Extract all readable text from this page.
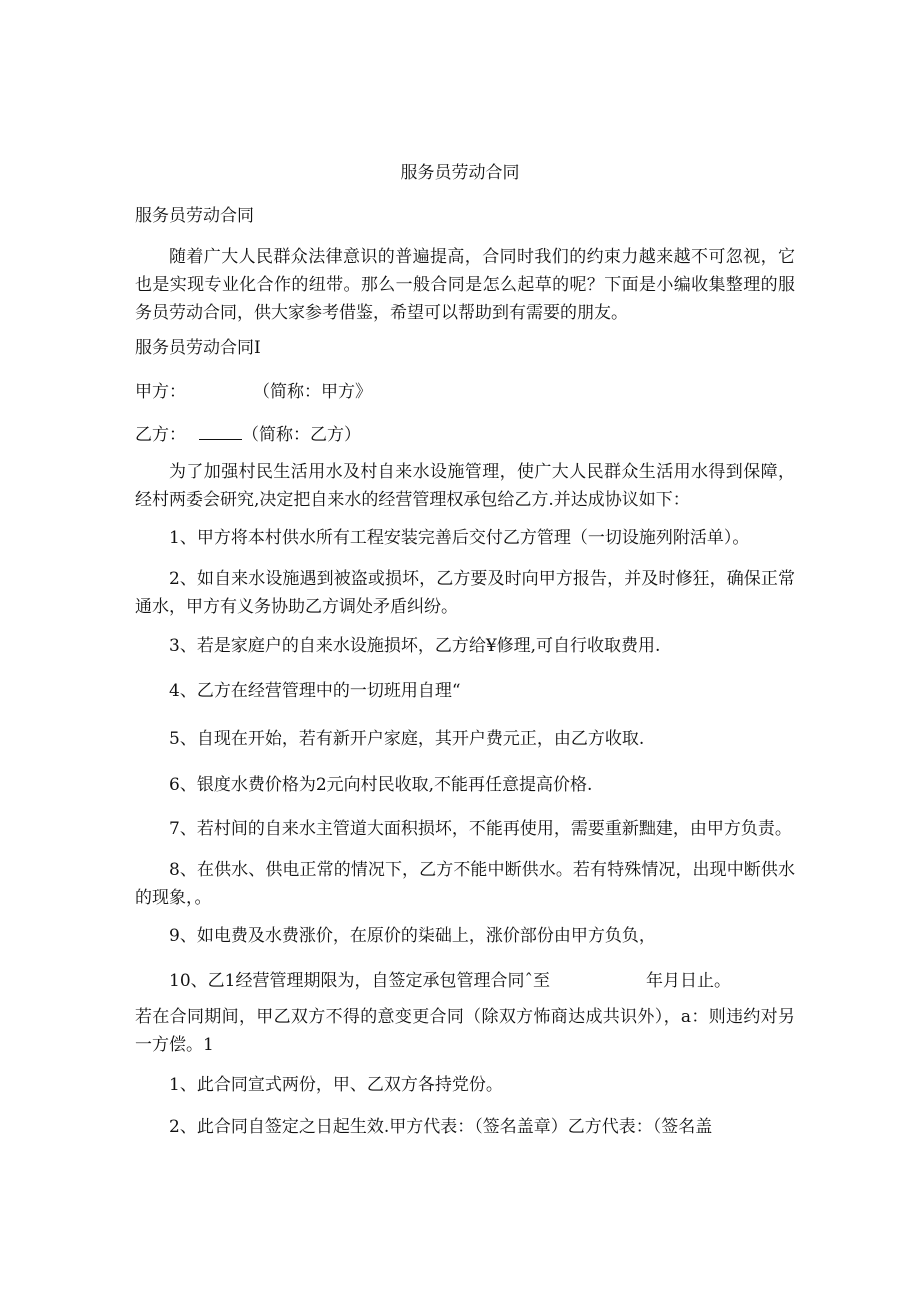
服务员劳动合同
服务员劳动合同
随着广大人民群众法律意识的普遍提高，合同时我们的约束力越来越不可忽视，它也是实现专业化合作的纽带。那么一般合同是怎么起草的呢？下面是小编收集整理的服务员劳动合同，供大家参考借鉴，希望可以帮助到有需要的朋友。
服务员劳动合同I
甲方：	（简称：甲方》
乙方：	（简称：乙方）
为了加强村民生活用水及村自来水设施管理，使广大人民群众生活用水得到保障，经村两委会研究,决定把自来水的经营管理权承包给乙方.并达成协议如下：
1、甲方将本村供水所有工程安装完善后交付乙方管理（一切设施列附活单）。
2、如自来水设施遇到被盗或损坏，乙方要及时向甲方报告，并及时修狂，确保正常通水，甲方有义务协助乙方调处矛盾纠纷。
3、若是家庭户的自来水设施损坏，乙方给¥修理,可自行收取费用.
4、乙方在经营管理中的一切班用自理“
5、自现在开始，若有新开户家庭，其开户费元正，由乙方收取.
6、银度水费价格为2元向村民收取,不能再任意提高价格.
7、若村间的自来水主管道大面积损坏，不能再使用，需要重新黜建，由甲方负责。
8、在供水、供电正常的情况下，乙方不能中断供水。若有特殊情况，出现中断供水的现象，。
9、如电费及水费涨价，在原价的柒础上，涨价部份由甲方负负，
10、乙1经营管理期限为，自签定承包管理合同ˆ至	年月日止。
若在合同期间，甲乙双方不得的意变更合同（除双方怖商达成共识外），a：则违约对另一方偿。1
1、此合同宣式两份，甲、乙双方各持党份。
2、此合同自签定之日起生效.甲方代表：（签名盖章）乙方代表：（签名盖
